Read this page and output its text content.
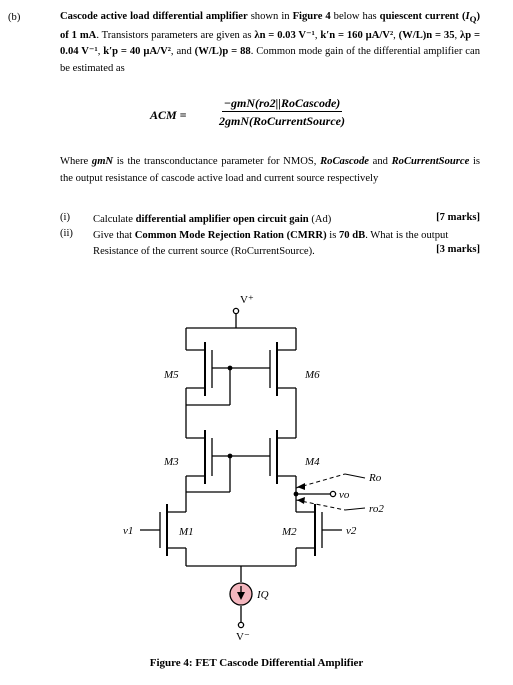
(b)	Cascode active load differential amplifier shown in Figure 4 below has quiescent current $(I_Q)$ of 1 mA. Transistors parameters are given as λn = 0.03 V⁻¹, k′n = 160 µA/V², (W/L)n = 35, λp = 0.04 V⁻¹, k′p = 40 µA/V², and (W/L)p = 88. Common mode gain of the differential amplifier can be estimated as
ACM =
−gmN(ro2||RoCascode)
2gmN(RoCurrentSource)
Where gmN is the transconductance parameter for NMOS, RoCascode and RoCurrentSource is the output resistance of cascode active load and current source respectively
(i) Calculate differential amplifier open circuit gain (Ad)	[7 marks]
(ii) Give that Common Mode Rejection Ration (CMRR) is 70 dB. What is the output Resistance of the current source (RoCurrentSource).	[3 marks]
V⁺
V⁻
M5	M6
M3	M4
M1	M2
v1	v2
vo
Ro
ro2
IQ
Figure 4: FET Cascode Differential Amplifier
